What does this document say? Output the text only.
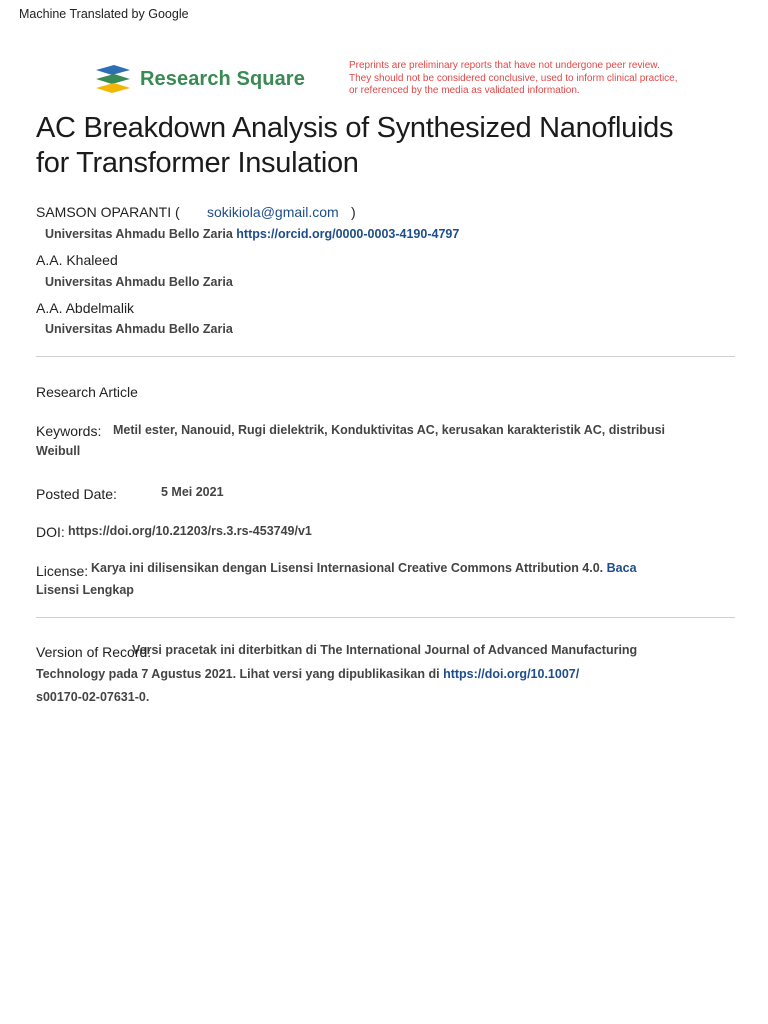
Machine Translated by Google
Research Square
Preprints are preliminary reports that have not undergone peer review.
They should not be considered conclusive, used to inform clinical practice,
or referenced by the media as validated information.
AC Breakdown Analysis of Synthesized Nanofluids
for Transformer Insulation
SAMSON OPARANTI ( sokikiola@gmail.com )
Universitas Ahmadu Bello Zaria https://orcid.org/0000-0003-4190-4797
A.A. Khaleed
Universitas Ahmadu Bello Zaria
A.A. Abdelmalik
Universitas Ahmadu Bello Zaria
Research Article
Keywords: Metil ester, Nanouid, Rugi dielektrik, Konduktivitas AC, kerusakan karakteristik AC, distribusi
Weibull
Posted Date:	5 Mei 2021
DOI: https://doi.org/10.21203/rs.3.rs-453749/v1
License: Karya ini dilisensikan dengan Lisensi Internasional Creative Commons Attribution 4.0. Baca
Lisensi Lengkap
Version of Record:
Versi pracetak ini diterbitkan di The International Journal of Advanced Manufacturing
Technology pada 7 Agustus 2021. Lihat versi yang dipublikasikan di https://doi.org/10.1007/
s00170-02-07631-0.
